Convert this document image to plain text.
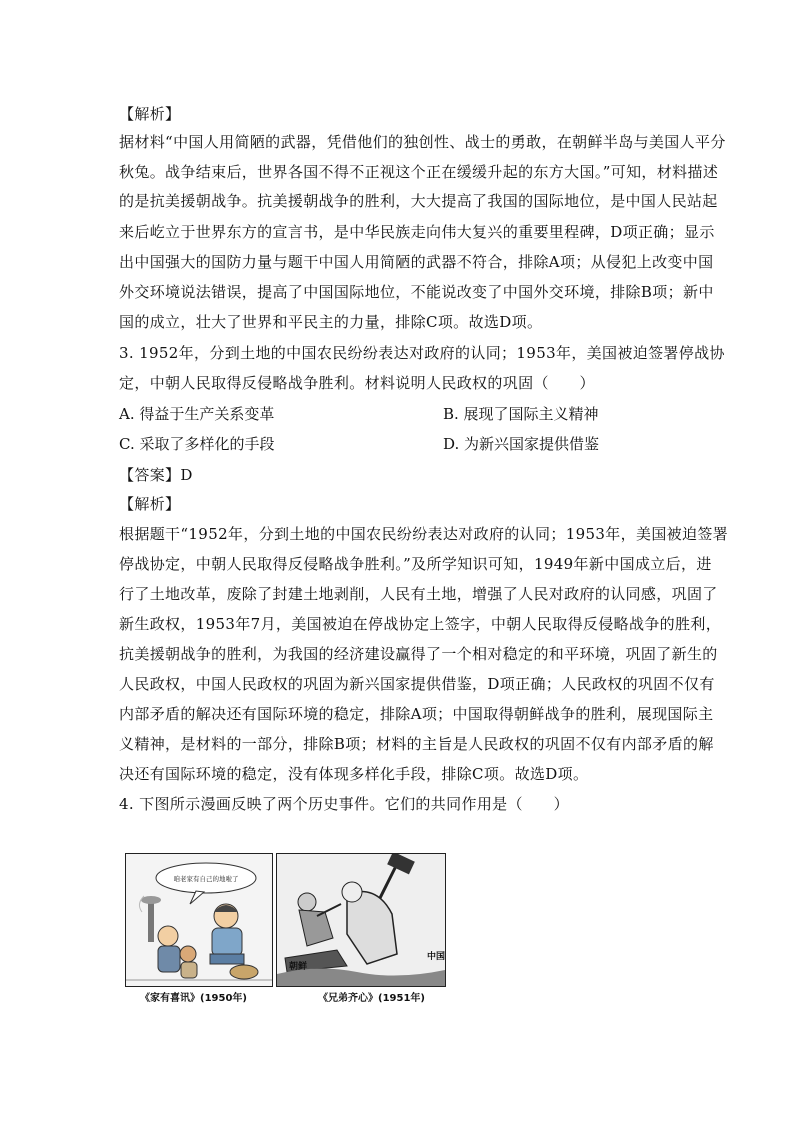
【解析】
据材料“中国人用简陋的武器，凭借他们的独创性、战士的勇敢，在朝鲜半岛与美国人平分
秋兔。战争结束后，世界各国不得不正视这个正在缓缓升起的东方大国。”可知，材料描述
的是抗美援朝战争。抗美援朝战争的胜利，大大提高了我国的国际地位，是中国人民站起
来后屹立于世界东方的宣言书，是中华民族走向伟大复兴的重要里程碑，D项正确；显示
出中国强大的国防力量与题干中国人用简陋的武器不符合，排除A项；从侵犯上改变中国
外交环境说法错误，提高了中国国际地位，不能说改变了中国外交环境，排除B项；新中
国的成立，壮大了世界和平民主的力量，排除C项。故选D项。
3. 1952年，分到土地的中国农民纷纷表达对政府的认同；1953年，美国被迫签署停战协
定，中朝人民取得反侵略战争胜利。材料说明人民政权的巩固（　　）
A. 得益于生产关系变革	B. 展现了国际主义精神
C. 采取了多样化的手段	D. 为新兴国家提供借鉴
【答案】D
【解析】
根据题干“1952年，分到土地的中国农民纷纷表达对政府的认同；1953年，美国被迫签署
停战协定，中朝人民取得反侵略战争胜利。”及所学知识可知，1949年新中国成立后，进
行了土地改革，废除了封建土地剥削，人民有土地，增强了人民对政府的认同感，巩固了
新生政权，1953年7月，美国被迫在停战协定上签字，中朝人民取得反侵略战争的胜利，
抗美援朝战争的胜利，为我国的经济建设赢得了一个相对稳定的和平环境，巩固了新生的
人民政权，中国人民政权的巩固为新兴国家提供借鉴，D项正确；人民政权的巩固不仅有
内部矛盾的解决还有国际环境的稳定，排除A项；中国取得朝鲜战争的胜利，展现国际主
义精神，是材料的一部分，排除B项；材料的主旨是人民政权的巩固不仅有内部矛盾的解
决还有国际环境的稳定，没有体现多样化手段，排除C项。故选D项。
4. 下图所示漫画反映了两个历史事件。它们的共同作用是（　　）
咱老家有自己的地啦了
朝鲜
中国
《家有喜讯》(1950年)	《兄弟齐心》(1951年)
